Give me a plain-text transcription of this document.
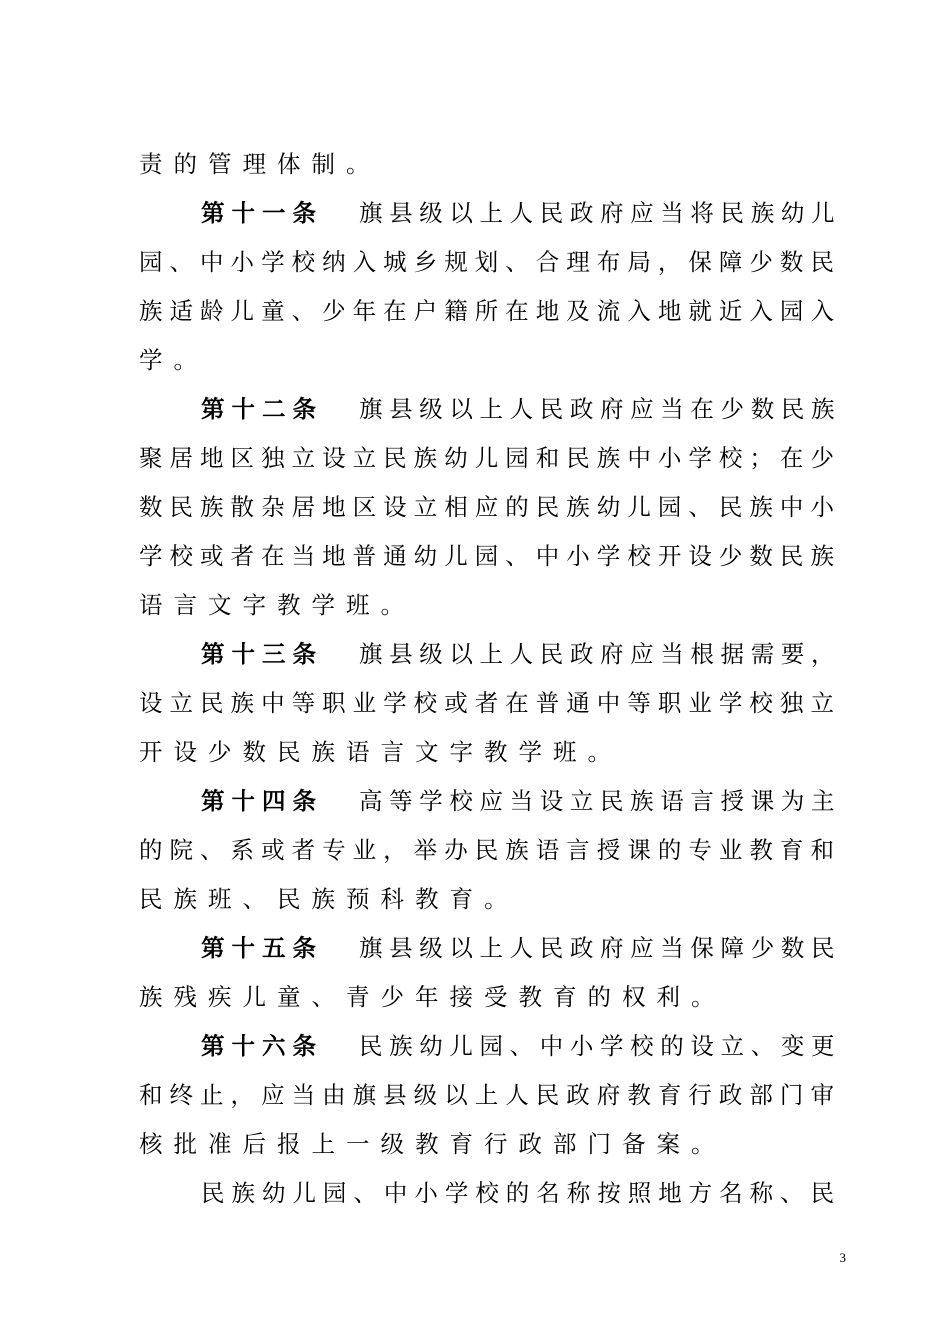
责的管理体制。
第十一条 旗县级以上人民政府应当将民族幼儿
园、中小学校纳入城乡规划、合理布局，保障少数民
族适龄儿童、少年在户籍所在地及流入地就近入园入
学。
第十二条 旗县级以上人民政府应当在少数民族
聚居地区独立设立民族幼儿园和民族中小学校；在少
数民族散杂居地区设立相应的民族幼儿园、民族中小
学校或者在当地普通幼儿园、中小学校开设少数民族
语言文字教学班。
第十三条 旗县级以上人民政府应当根据需要，
设立民族中等职业学校或者在普通中等职业学校独立
开设少数民族语言文字教学班。
第十四条 高等学校应当设立民族语言授课为主
的院、系或者专业，举办民族语言授课的专业教育和
民族班、民族预科教育。
第十五条 旗县级以上人民政府应当保障少数民
族残疾儿童、青少年接受教育的权利。
第十六条 民族幼儿园、中小学校的设立、变更
和终止，应当由旗县级以上人民政府教育行政部门审
核批准后报上一级教育行政部门备案。
民族幼儿园、中小学校的名称按照地方名称、民
3
